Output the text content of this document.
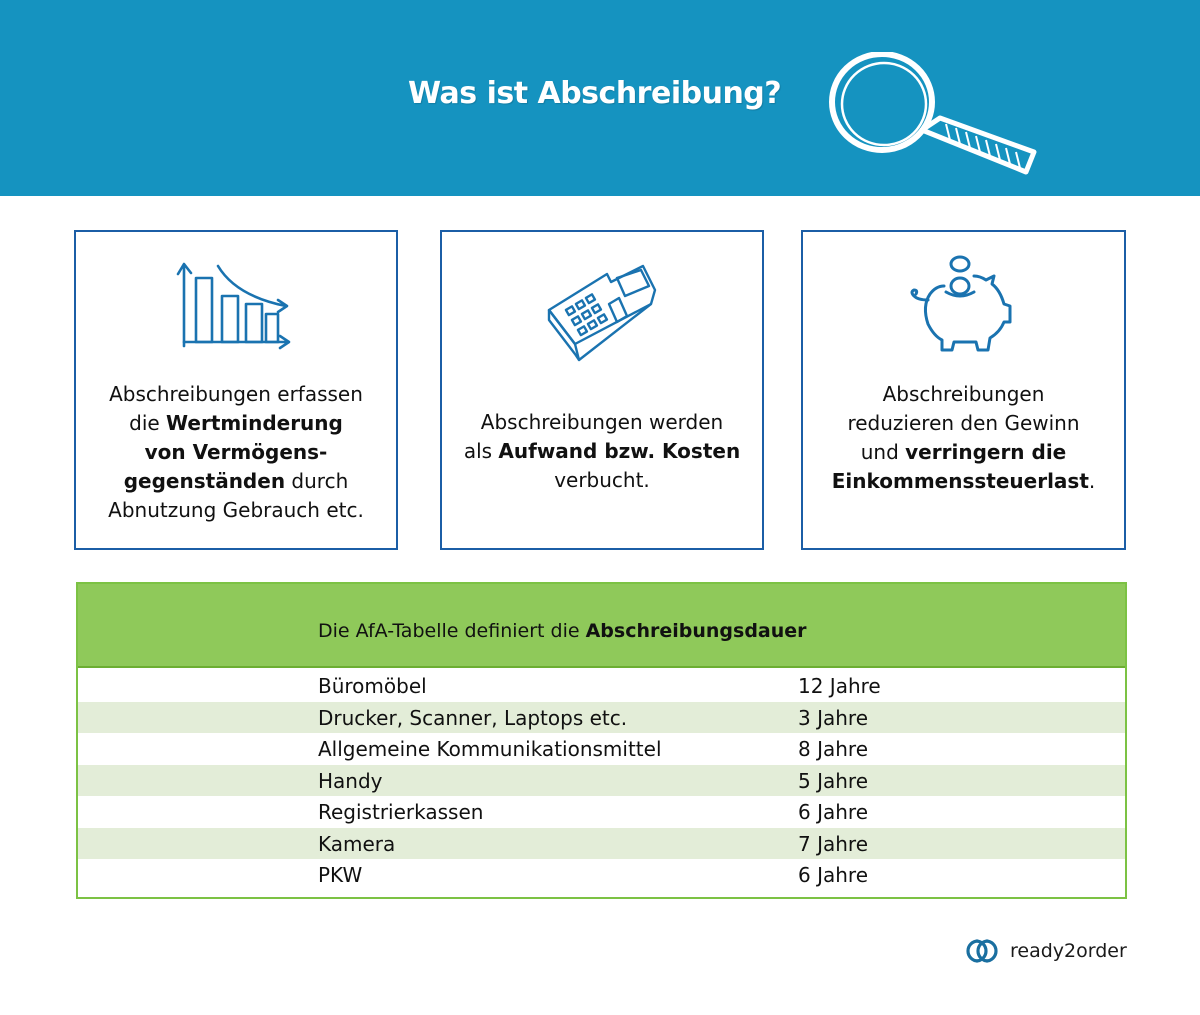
Was ist Abschreibung?
Abschreibungen erfassen
die Wertminderung
von Vermögens-
gegenständen durch
Abnutzung Gebrauch etc.
Abschreibungen werden
als Aufwand bzw. Kosten
verbucht.
Abschreibungen
reduzieren den Gewinn
und verringern die
Einkommenssteuerlast.
Die AfA-Tabelle definiert die Abschreibungsdauer
Büromöbel	12 Jahre
Drucker, Scanner, Laptops etc.	3 Jahre
Allgemeine Kommunikationsmittel	8 Jahre
Handy	5 Jahre
Registrierkassen	6 Jahre
Kamera	7 Jahre
PKW	6 Jahre
ready2order
